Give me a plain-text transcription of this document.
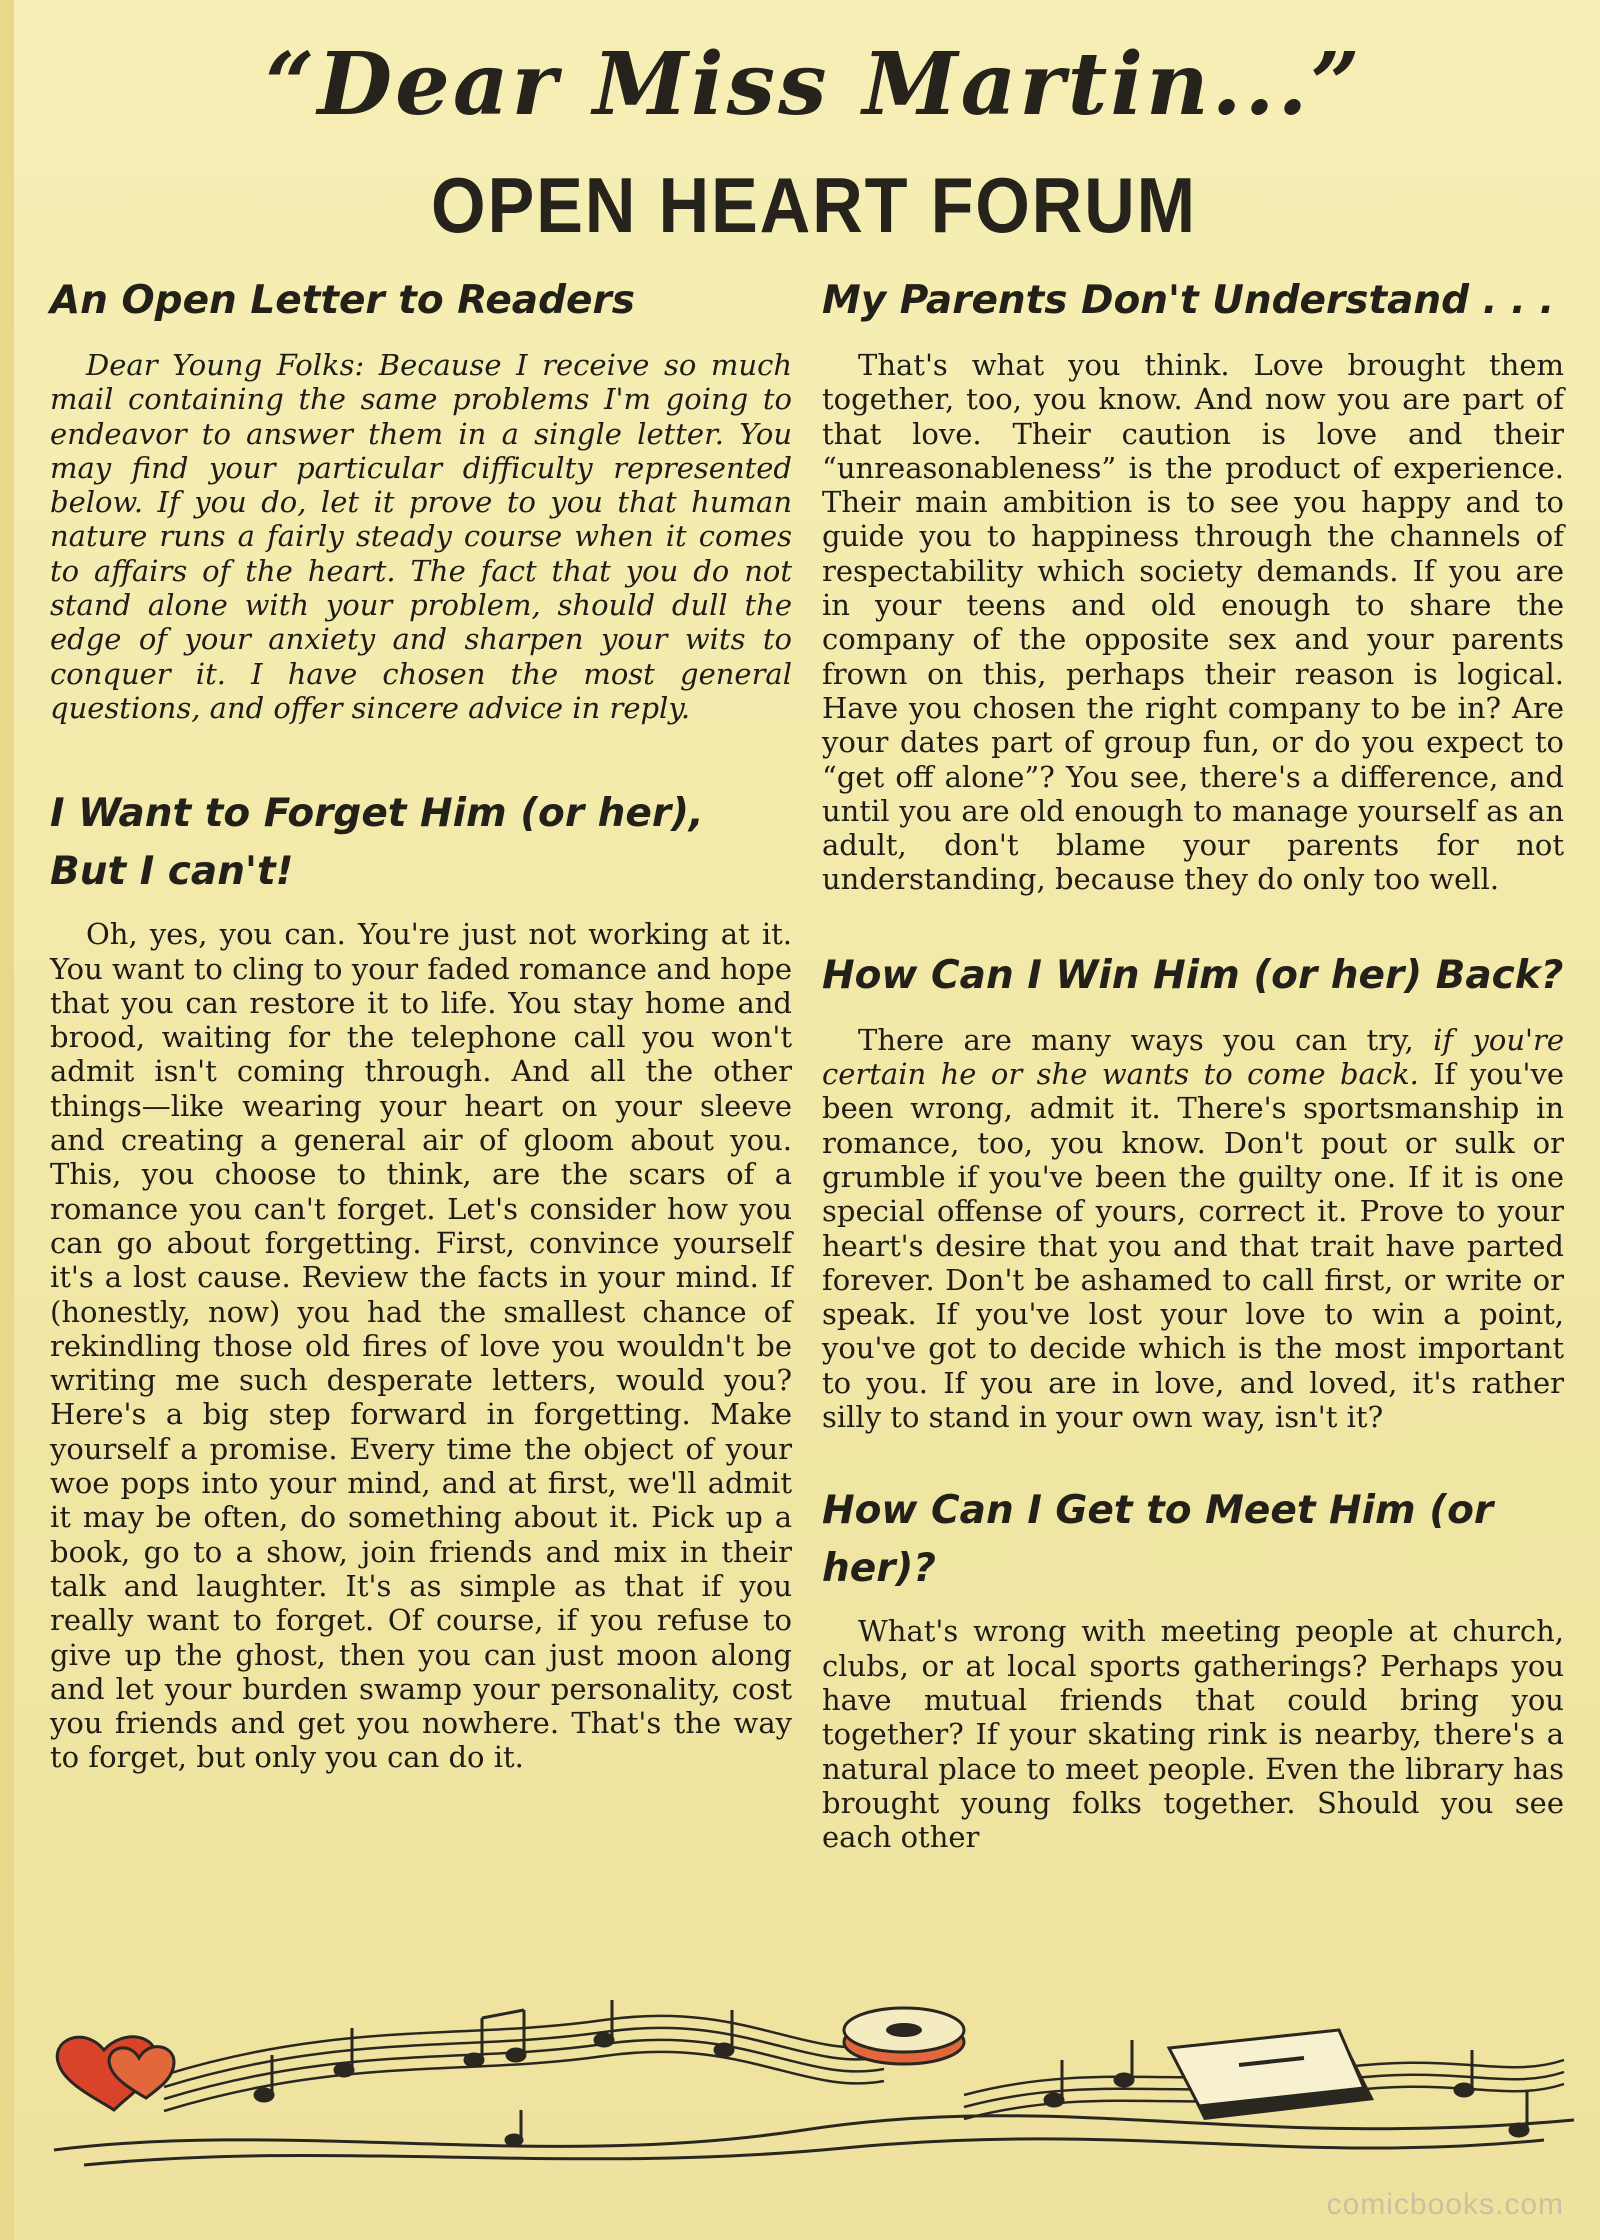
“Dear Miss Martin...”
OPEN HEART FORUM
An Open Letter to Readers

Dear Young Folks: Because I receive so much mail containing the same problems I'm going to endeavor to answer them in a single letter. You may find your particular difficulty represented below. If you do, let it prove to you that human nature runs a fairly steady course when it comes to affairs of the heart. The fact that you do not stand alone with your problem, should dull the edge of your anxiety and sharpen your wits to conquer it. I have chosen the most general questions, and offer sincere advice in reply.

I Want to Forget Him (or her), But I can't!

Oh, yes, you can. You're just not working at it. You want to cling to your faded romance and hope that you can restore it to life. You stay home and brood, waiting for the telephone call you won't admit isn't coming through. And all the other things—like wearing your heart on your sleeve and creating a general air of gloom about you. This, you choose to think, are the scars of a romance you can't forget. Let's consider how you can go about forgetting. First, convince yourself it's a lost cause. Review the facts in your mind. If (honestly, now) you had the smallest chance of rekindling those old fires of love you wouldn't be writing me such desperate letters, would you? Here's a big step forward in forgetting. Make yourself a promise. Every time the object of your woe pops into your mind, and at first, we'll admit it may be often, do something about it. Pick up a book, go to a show, join friends and mix in their talk and laughter. It's as simple as that if you really want to forget. Of course, if you refuse to give up the ghost, then you can just moon along and let your burden swamp your personality, cost you friends and get you nowhere. That's the way to forget, but only you can do it.

My Parents Don't Understand . . .

That's what you think. Love brought them together, too, you know. And now you are part of that love. Their caution is love and their “unreasonableness” is the product of experience. Their main ambition is to see you happy and to guide you to happiness through the channels of respectability which society demands. If you are in your teens and old enough to share the company of the opposite sex and your parents frown on this, perhaps their reason is logical. Have you chosen the right company to be in? Are your dates part of group fun, or do you expect to “get off alone”? You see, there's a difference, and until you are old enough to manage yourself as an adult, don't blame your parents for not understanding, because they do only too well.

How Can I Win Him (or her) Back?

There are many ways you can try, if you're certain he or she wants to come back. If you've been wrong, admit it. There's sportsmanship in romance, too, you know. Don't pout or sulk or grumble if you've been the guilty one. If it is one special offense of yours, correct it. Prove to your heart's desire that you and that trait have parted forever. Don't be ashamed to call first, or write or speak. If you've lost your love to win a point, you've got to decide which is the most important to you. If you are in love, and loved, it's rather silly to stand in your own way, isn't it?

How Can I Get to Meet Him (or her)?

What's wrong with meeting people at church, clubs, or at local sports gatherings? Perhaps you have mutual friends that could bring you together? If your skating rink is nearby, there's a natural place to meet people. Even the library has brought young folks together. Should you see each other

comicbooks.com
